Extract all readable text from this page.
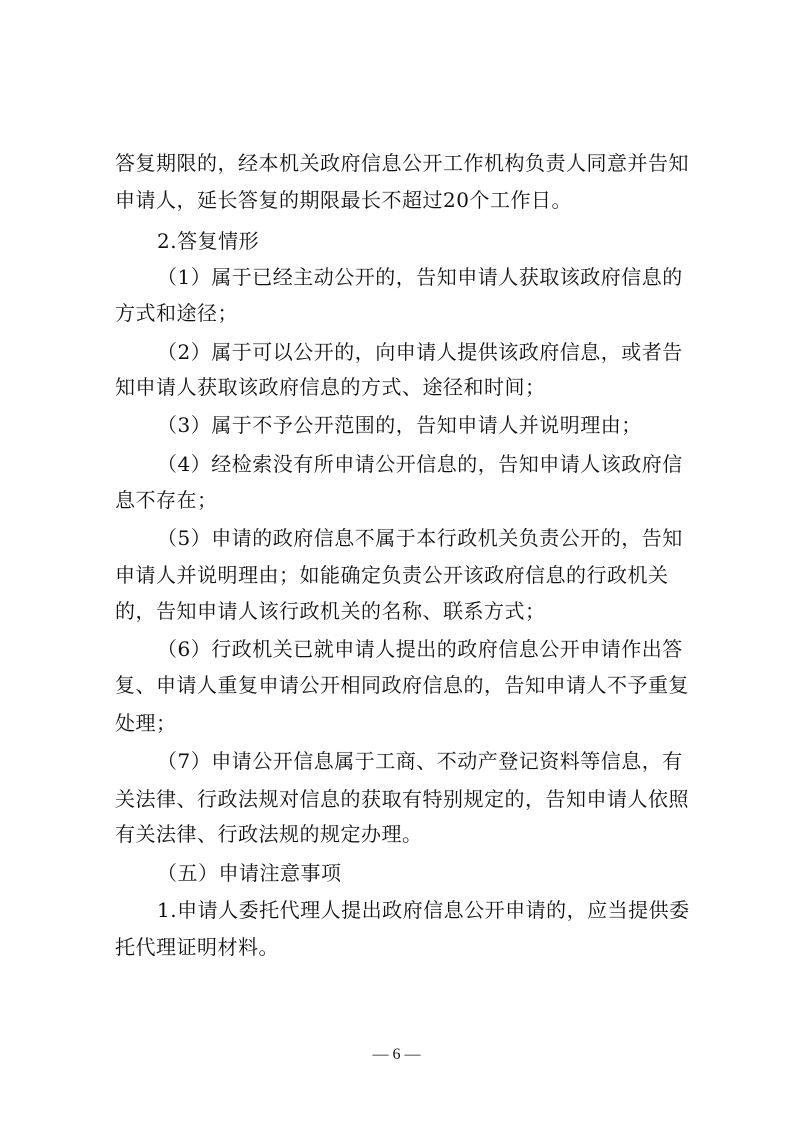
答复期限的，经本机关政府信息公开工作机构负责人同意并告知
申请人，延长答复的期限最长不超过20个工作日。
2.答复情形
（1）属于已经主动公开的，告知申请人获取该政府信息的
方式和途径；
（2）属于可以公开的，向申请人提供该政府信息，或者告
知申请人获取该政府信息的方式、途径和时间；
（3）属于不予公开范围的，告知申请人并说明理由；
（4）经检索没有所申请公开信息的，告知申请人该政府信
息不存在；
（5）申请的政府信息不属于本行政机关负责公开的，告知
申请人并说明理由；如能确定负责公开该政府信息的行政机关
的，告知申请人该行政机关的名称、联系方式；
（6）行政机关已就申请人提出的政府信息公开申请作出答
复、申请人重复申请公开相同政府信息的，告知申请人不予重复
处理；
（7）申请公开信息属于工商、不动产登记资料等信息，有
关法律、行政法规对信息的获取有特别规定的，告知申请人依照
有关法律、行政法规的规定办理。
（五）申请注意事项
1.申请人委托代理人提出政府信息公开申请的，应当提供委
托代理证明材料。
— 6 —
